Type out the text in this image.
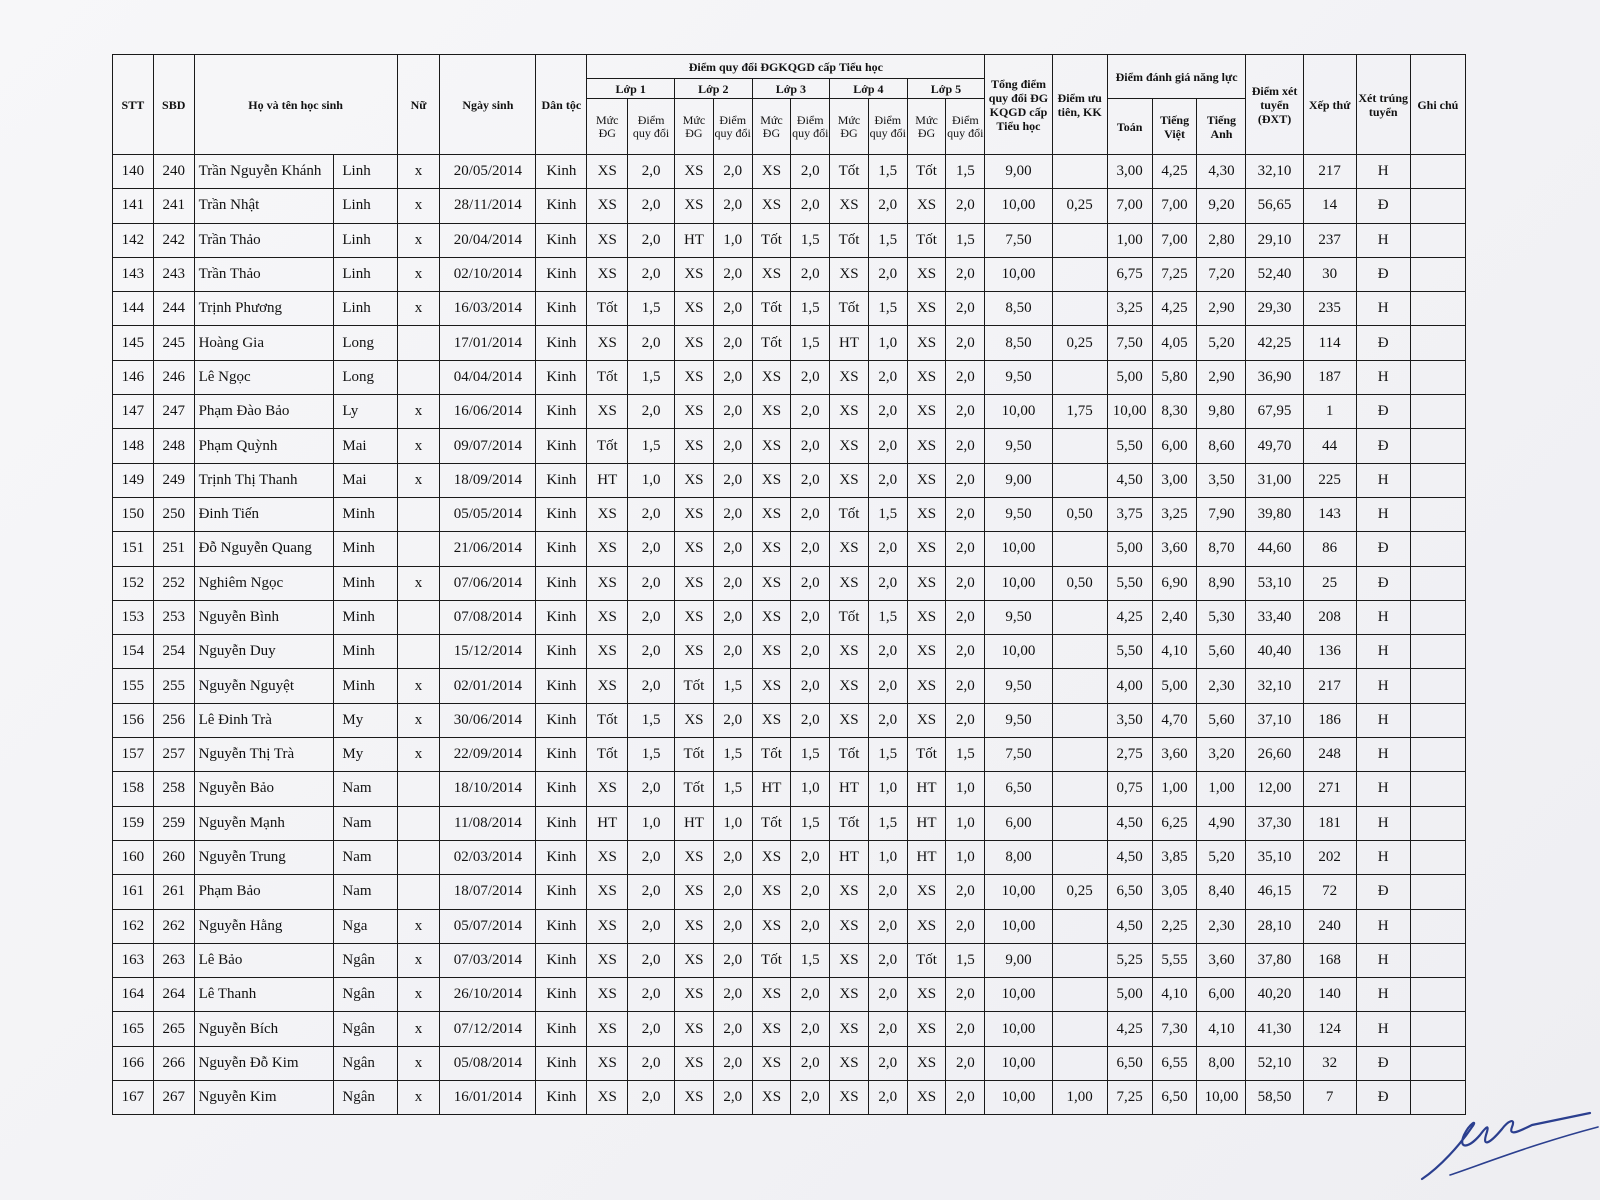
STT	SBD	Họ và tên học sinh		Nữ	Ngày sinh	Dân tộc	Điểm quy đổi ĐGKQGD cấp Tiểu học										Tổng điểm quy đổi ĐG KQGD cấp Tiểu học	Điểm ưu tiên, KK	Điểm đánh giá năng lực			Điểm xét tuyển (ĐXT)	Xếp thứ	Xét trúng tuyển	Ghi chú
							Lớp 1		Lớp 2		Lớp 3		Lớp 4		Lớp 5										
							Mức ĐG	Điểm quy đổi	Mức ĐG	Điểm quy đổi	Mức ĐG	Điểm quy đổi	Mức ĐG	Điểm quy đổi	Mức ĐG	Điểm quy đổi			Toán	Tiếng Việt	Tiếng Anh				
140	240	Trần Nguyễn Khánh	Linh	x	20/05/2014	Kinh	XS	2,0	XS	2,0	XS	2,0	Tốt	1,5	Tốt	1,5	9,00		3,00	4,25	4,30	32,10	217	H	
141	241	Trần Nhật	Linh	x	28/11/2014	Kinh	XS	2,0	XS	2,0	XS	2,0	XS	2,0	XS	2,0	10,00	0,25	7,00	7,00	9,20	56,65	14	Đ	
142	242	Trần Thảo	Linh	x	20/04/2014	Kinh	XS	2,0	HT	1,0	Tốt	1,5	Tốt	1,5	Tốt	1,5	7,50		1,00	7,00	2,80	29,10	237	H	
143	243	Trần Thảo	Linh	x	02/10/2014	Kinh	XS	2,0	XS	2,0	XS	2,0	XS	2,0	XS	2,0	10,00		6,75	7,25	7,20	52,40	30	Đ	
144	244	Trịnh Phương	Linh	x	16/03/2014	Kinh	Tốt	1,5	XS	2,0	Tốt	1,5	Tốt	1,5	XS	2,0	8,50		3,25	4,25	2,90	29,30	235	H	
145	245	Hoàng Gia	Long		17/01/2014	Kinh	XS	2,0	XS	2,0	Tốt	1,5	HT	1,0	XS	2,0	8,50	0,25	7,50	4,05	5,20	42,25	114	Đ	
146	246	Lê Ngọc	Long		04/04/2014	Kinh	Tốt	1,5	XS	2,0	XS	2,0	XS	2,0	XS	2,0	9,50		5,00	5,80	2,90	36,90	187	H	
147	247	Phạm Đào Bảo	Ly	x	16/06/2014	Kinh	XS	2,0	XS	2,0	XS	2,0	XS	2,0	XS	2,0	10,00	1,75	10,00	8,30	9,80	67,95	1	Đ	
148	248	Phạm Quỳnh	Mai	x	09/07/2014	Kinh	Tốt	1,5	XS	2,0	XS	2,0	XS	2,0	XS	2,0	9,50		5,50	6,00	8,60	49,70	44	Đ	
149	249	Trịnh Thị Thanh	Mai	x	18/09/2014	Kinh	HT	1,0	XS	2,0	XS	2,0	XS	2,0	XS	2,0	9,00		4,50	3,00	3,50	31,00	225	H	
150	250	Đinh Tiến	Minh		05/05/2014	Kinh	XS	2,0	XS	2,0	XS	2,0	Tốt	1,5	XS	2,0	9,50	0,50	3,75	3,25	7,90	39,80	143	H	
151	251	Đỗ Nguyễn Quang	Minh		21/06/2014	Kinh	XS	2,0	XS	2,0	XS	2,0	XS	2,0	XS	2,0	10,00		5,00	3,60	8,70	44,60	86	Đ	
152	252	Nghiêm Ngọc	Minh	x	07/06/2014	Kinh	XS	2,0	XS	2,0	XS	2,0	XS	2,0	XS	2,0	10,00	0,50	5,50	6,90	8,90	53,10	25	Đ	
153	253	Nguyễn Bình	Minh		07/08/2014	Kinh	XS	2,0	XS	2,0	XS	2,0	Tốt	1,5	XS	2,0	9,50		4,25	2,40	5,30	33,40	208	H	
154	254	Nguyễn Duy	Minh		15/12/2014	Kinh	XS	2,0	XS	2,0	XS	2,0	XS	2,0	XS	2,0	10,00		5,50	4,10	5,60	40,40	136	H	
155	255	Nguyễn Nguyệt	Minh	x	02/01/2014	Kinh	XS	2,0	Tốt	1,5	XS	2,0	XS	2,0	XS	2,0	9,50		4,00	5,00	2,30	32,10	217	H	
156	256	Lê Đinh Trà	My	x	30/06/2014	Kinh	Tốt	1,5	XS	2,0	XS	2,0	XS	2,0	XS	2,0	9,50		3,50	4,70	5,60	37,10	186	H	
157	257	Nguyễn Thị Trà	My	x	22/09/2014	Kinh	Tốt	1,5	Tốt	1,5	Tốt	1,5	Tốt	1,5	Tốt	1,5	7,50		2,75	3,60	3,20	26,60	248	H	
158	258	Nguyễn Bảo	Nam		18/10/2014	Kinh	XS	2,0	Tốt	1,5	HT	1,0	HT	1,0	HT	1,0	6,50		0,75	1,00	1,00	12,00	271	H	
159	259	Nguyễn Mạnh	Nam		11/08/2014	Kinh	HT	1,0	HT	1,0	Tốt	1,5	Tốt	1,5	HT	1,0	6,00		4,50	6,25	4,90	37,30	181	H	
160	260	Nguyễn Trung	Nam		02/03/2014	Kinh	XS	2,0	XS	2,0	XS	2,0	HT	1,0	HT	1,0	8,00		4,50	3,85	5,20	35,10	202	H	
161	261	Phạm Bảo	Nam		18/07/2014	Kinh	XS	2,0	XS	2,0	XS	2,0	XS	2,0	XS	2,0	10,00	0,25	6,50	3,05	8,40	46,15	72	Đ	
162	262	Nguyễn Hằng	Nga	x	05/07/2014	Kinh	XS	2,0	XS	2,0	XS	2,0	XS	2,0	XS	2,0	10,00		4,50	2,25	2,30	28,10	240	H	
163	263	Lê Bảo	Ngân	x	07/03/2014	Kinh	XS	2,0	XS	2,0	Tốt	1,5	XS	2,0	Tốt	1,5	9,00		5,25	5,55	3,60	37,80	168	H	
164	264	Lê Thanh	Ngân	x	26/10/2014	Kinh	XS	2,0	XS	2,0	XS	2,0	XS	2,0	XS	2,0	10,00		5,00	4,10	6,00	40,20	140	H	
165	265	Nguyễn Bích	Ngân	x	07/12/2014	Kinh	XS	2,0	XS	2,0	XS	2,0	XS	2,0	XS	2,0	10,00		4,25	7,30	4,10	41,30	124	H	
166	266	Nguyễn Đỗ Kim	Ngân	x	05/08/2014	Kinh	XS	2,0	XS	2,0	XS	2,0	XS	2,0	XS	2,0	10,00		6,50	6,55	8,00	52,10	32	Đ	
167	267	Nguyễn Kim	Ngân	x	16/01/2014	Kinh	XS	2,0	XS	2,0	XS	2,0	XS	2,0	XS	2,0	10,00	1,00	7,25	6,50	10,00	58,50	7	Đ	
